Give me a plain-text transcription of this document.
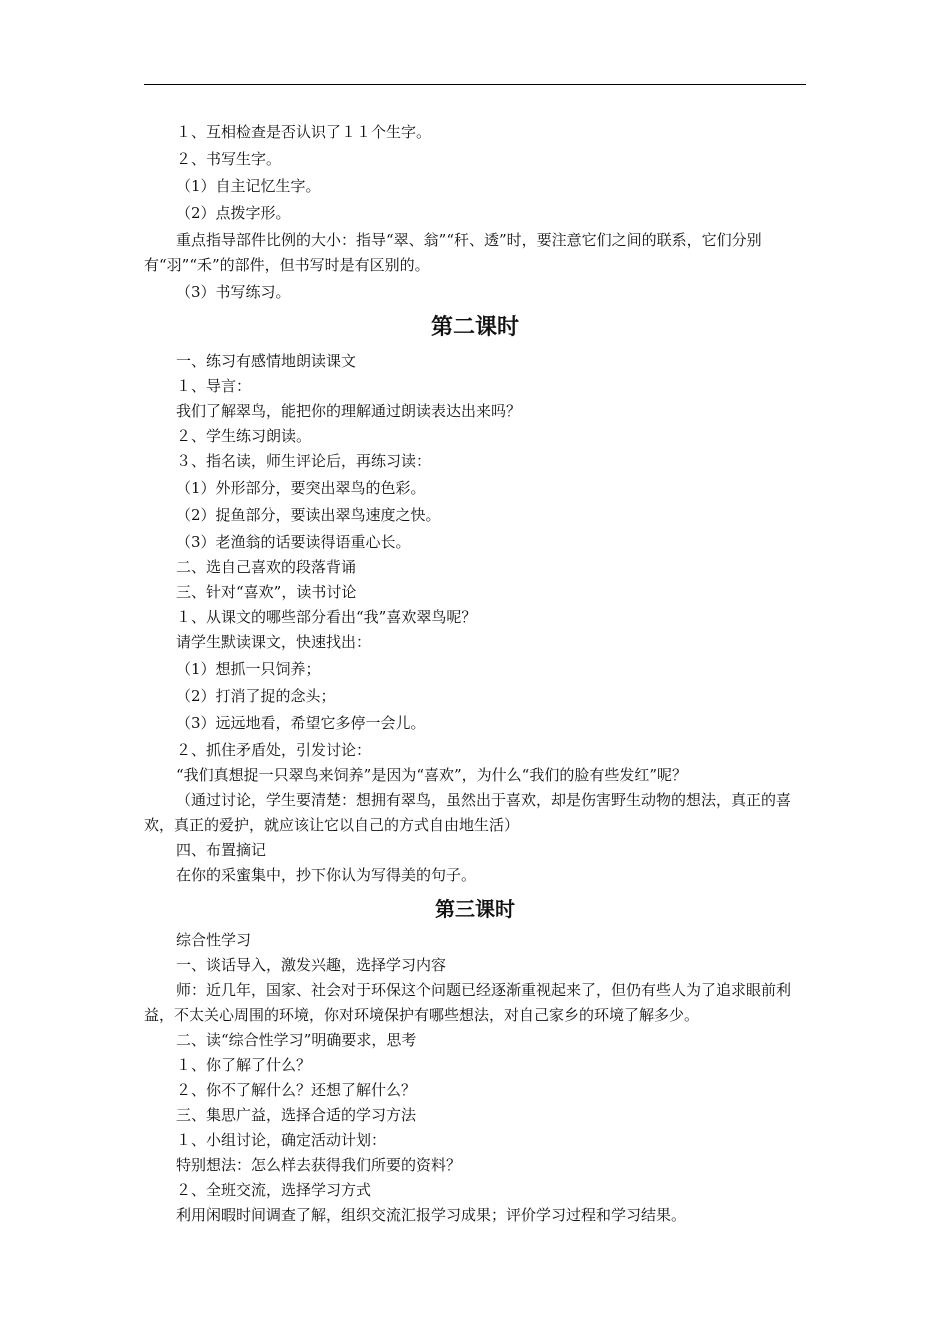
１、互相检查是否认识了１１个生字。

２、书写生字。

（1）自主记忆生字。

（2）点拨字形。

重点指导部件比例的大小：指导“翠、翁”“秆、透”时，要注意它们之间的联系，它们分别有“羽”“禾”的部件，但书写时是有区别的。

（3）书写练习。

第二课时

一、练习有感情地朗读课文

１、导言：

我们了解翠鸟，能把你的理解通过朗读表达出来吗？

２、学生练习朗读。

３、指名读，师生评论后，再练习读：

（1）外形部分，要突出翠鸟的色彩。

（2）捉鱼部分，要读出翠鸟速度之快。

（3）老渔翁的话要读得语重心长。

二、选自己喜欢的段落背诵

三、针对“喜欢”，读书讨论

１、从课文的哪些部分看出“我”喜欢翠鸟呢？

请学生默读课文，快速找出：

（1）想抓一只饲养；

（2）打消了捉的念头；

（3）远远地看，希望它多停一会儿。

２、抓住矛盾处，引发讨论：

“我们真想捉一只翠鸟来饲养”是因为“喜欢”，为什么“我们的脸有些发红”呢？

（通过讨论，学生要清楚：想拥有翠鸟，虽然出于喜欢，却是伤害野生动物的想法，真正的喜欢，真正的爱护，就应该让它以自己的方式自由地生活）

四、布置摘记

在你的采蜜集中，抄下你认为写得美的句子。

第三课时

综合性学习

一、谈话导入，激发兴趣，选择学习内容

师：近几年，国家、社会对于环保这个问题已经逐渐重视起来了，但仍有些人为了追求眼前利益，不太关心周围的环境，你对环境保护有哪些想法，对自己家乡的环境了解多少。

二、读“综合性学习”明确要求，思考

１、你了解了什么？

２、你不了解什么？还想了解什么？

三、集思广益，选择合适的学习方法

１、小组讨论，确定活动计划：

特别想法：怎么样去获得我们所要的资料？

２、全班交流，选择学习方式

利用闲暇时间调查了解，组织交流汇报学习成果；评价学习过程和学习结果。
